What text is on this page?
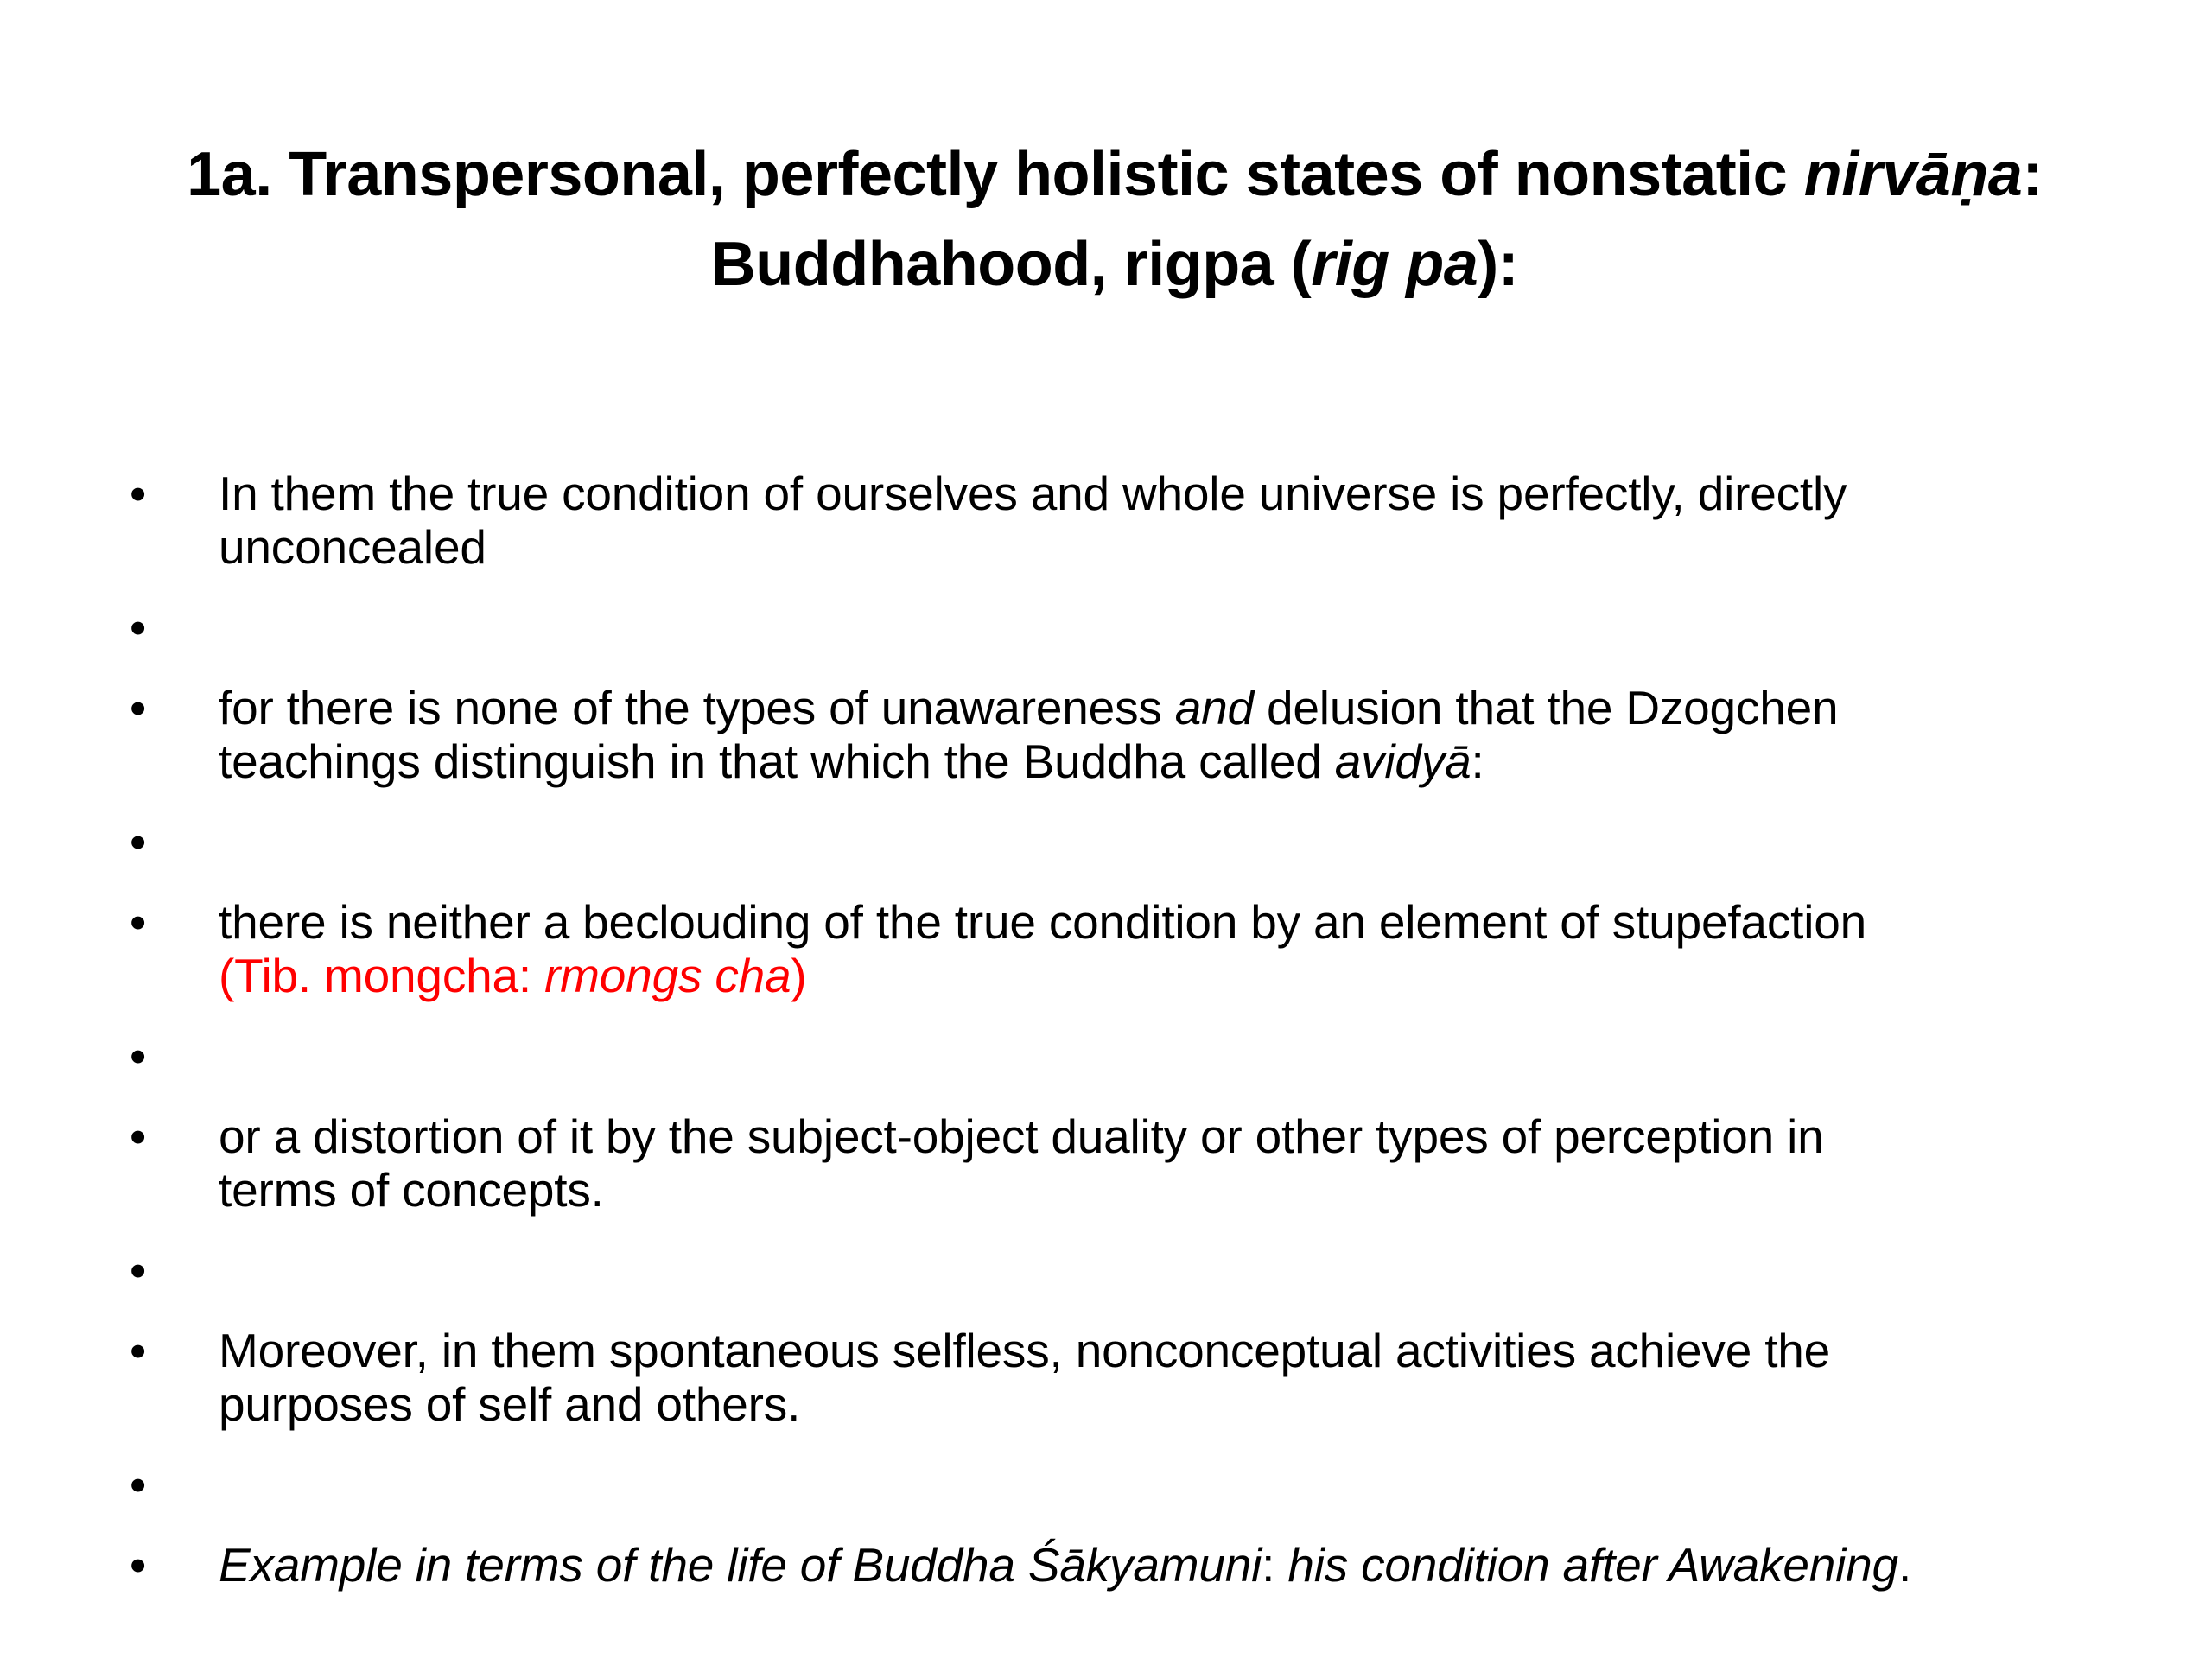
1a. Transpersonal, perfectly holistic states of nonstatic nirvāṇa:
Buddhahood, rigpa (rig pa):
•	In them the true condition of ourselves and whole universe is perfectly, directly
unconcealed
•
•	for there is none of the types of unawareness and delusion that the Dzogchen
teachings distinguish in that which the Buddha called avidyā:
•
•	there is neither a beclouding of the true condition by an element of stupefaction
(Tib. mongcha: rmongs cha)
•
•	or a distortion of it by the subject-object duality or other types of perception in
terms of concepts.
•
•	Moreover, in them spontaneous selfless, nonconceptual activities achieve the
purposes of self and others.
•
•	Example in terms of the life of Buddha Śākyamuni: his condition after Awakening.
